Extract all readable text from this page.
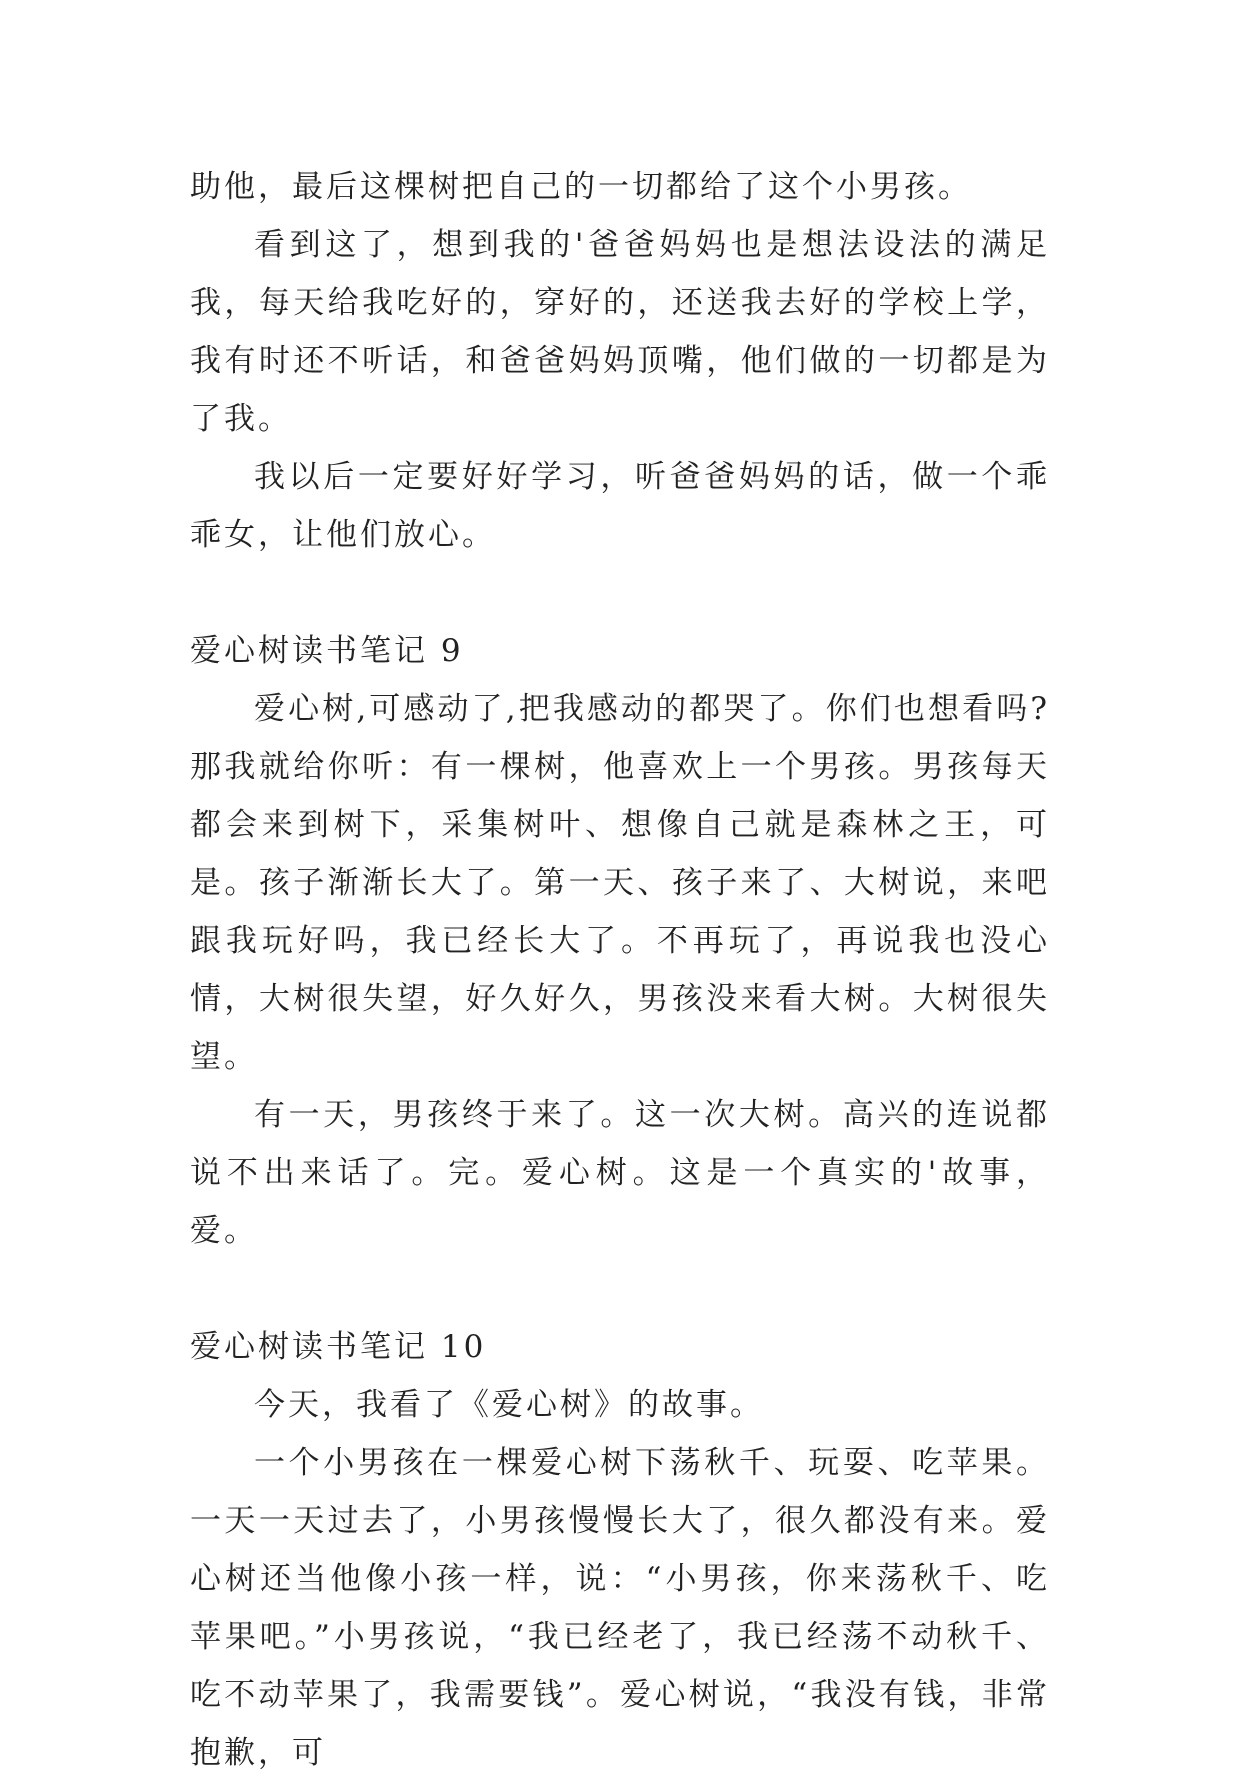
助他，最后这棵树把自己的一切都给了这个小男孩。

看到这了，想到我的'爸爸妈妈也是想法设法的满足我，每天给我吃好的，穿好的，还送我去好的学校上学，我有时还不听话，和爸爸妈妈顶嘴，他们做的一切都是为了我。

我以后一定要好好学习，听爸爸妈妈的话，做一个乖乖女，让他们放心。

爱心树读书笔记 9

爱心树,可感动了,把我感动的都哭了。你们也想看吗?那我就给你听：有一棵树，他喜欢上一个男孩。男孩每天都会来到树下，采集树叶、想像自己就是森林之王，可是。孩子渐渐长大了。第一天、孩子来了、大树说，来吧跟我玩好吗，我已经长大了。不再玩了，再说我也没心情，大树很失望，好久好久，男孩没来看大树。大树很失望。

有一天，男孩终于来了。这一次大树。高兴的连说都说不出来话了。完。爱心树。这是一个真实的'故事，爱。

爱心树读书笔记 10

今天，我看了《爱心树》的故事。

一个小男孩在一棵爱心树下荡秋千、玩耍、吃苹果。一天一天过去了，小男孩慢慢长大了，很久都没有来。爱心树还当他像小孩一样，说：“小男孩，你来荡秋千、吃苹果吧。”小男孩说，“我已经老了，我已经荡不动秋千、吃不动苹果了，我需要钱”。爱心树说，“我没有钱，非常抱歉，可
